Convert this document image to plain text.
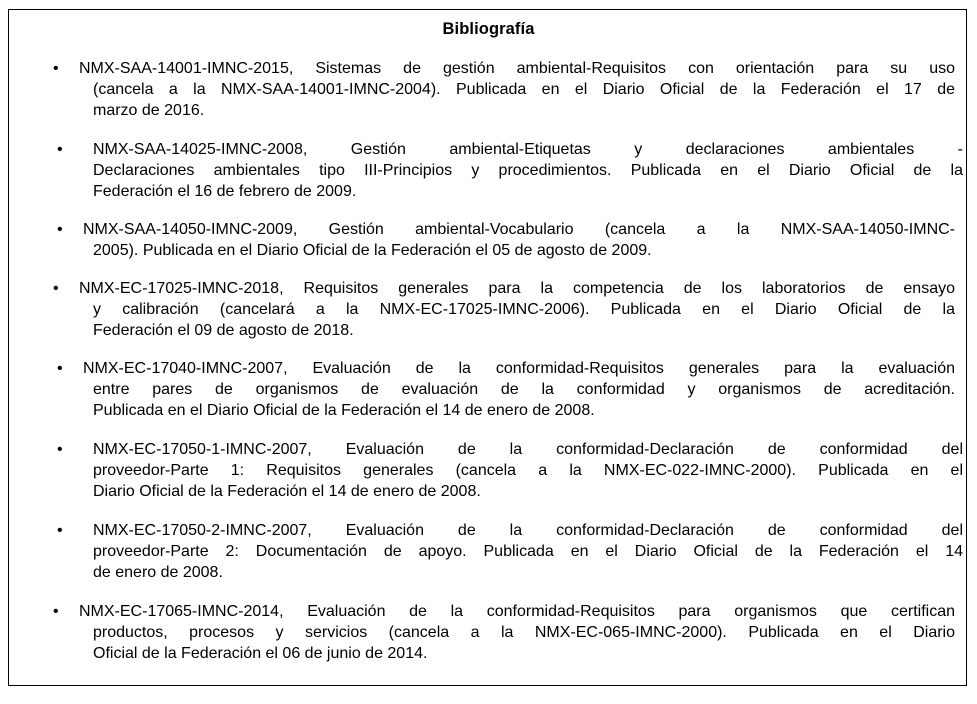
Bibliografía
• NMX-SAA-14001-IMNC-2015, Sistemas de gestión ambiental-Requisitos con orientación para su uso
(cancela a la NMX-SAA-14001-IMNC-2004). Publicada en el Diario Oficial de la Federación el 17 de
marzo de 2016.
• NMX-SAA-14025-IMNC-2008, Gestión ambiental-Etiquetas y declaraciones ambientales -
Declaraciones ambientales tipo III-Principios y procedimientos. Publicada en el Diario Oficial de la
Federación el 16 de febrero de 2009.
• NMX-SAA-14050-IMNC-2009, Gestión ambiental-Vocabulario (cancela a la NMX-SAA-14050-IMNC-
2005). Publicada en el Diario Oficial de la Federación el 05 de agosto de 2009.
• NMX-EC-17025-IMNC-2018, Requisitos generales para la competencia de los laboratorios de ensayo
y calibración (cancelará a la NMX-EC-17025-IMNC-2006). Publicada en el Diario Oficial de la
Federación el 09 de agosto de 2018.
• NMX-EC-17040-IMNC-2007, Evaluación de la conformidad-Requisitos generales para la evaluación
entre pares de organismos de evaluación de la conformidad y organismos de acreditación.
Publicada en el Diario Oficial de la Federación el 14 de enero de 2008.
• NMX-EC-17050-1-IMNC-2007, Evaluación de la conformidad-Declaración de conformidad del
proveedor-Parte 1: Requisitos generales (cancela a la NMX-EC-022-IMNC-2000). Publicada en el
Diario Oficial de la Federación el 14 de enero de 2008.
• NMX-EC-17050-2-IMNC-2007, Evaluación de la conformidad-Declaración de conformidad del
proveedor-Parte 2: Documentación de apoyo. Publicada en el Diario Oficial de la Federación el 14
de enero de 2008.
• NMX-EC-17065-IMNC-2014, Evaluación de la conformidad-Requisitos para organismos que certifican
productos, procesos y servicios (cancela a la NMX-EC-065-IMNC-2000). Publicada en el Diario
Oficial de la Federación el 06 de junio de 2014.
